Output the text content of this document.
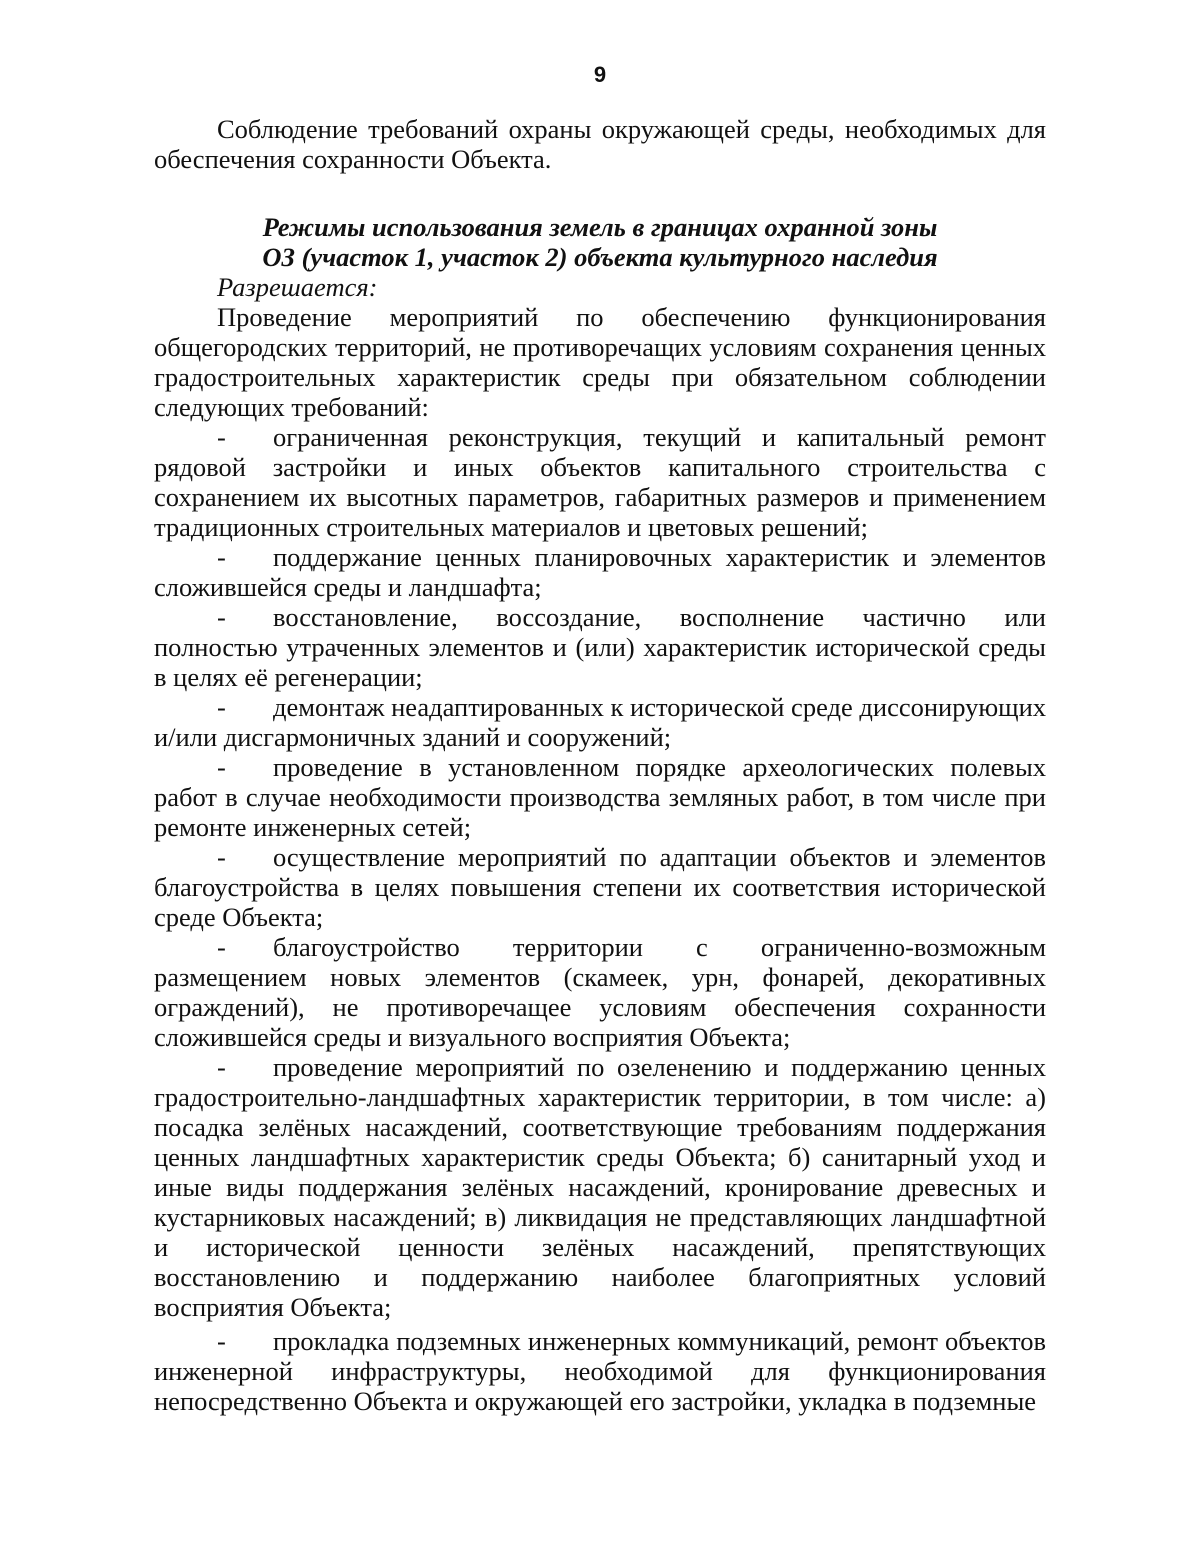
9

Соблюдение требований охраны окружающей среды, необходимых для обеспечения сохранности Объекта.

Режимы использования земель в границах охранной зоны

ОЗ (участок 1, участок 2) объекта культурного наследия

Разрешается:

Проведение мероприятий по обеспечению функционирования общегородских территорий, не противоречащих условиям сохранения ценных градостроительных характеристик среды при обязательном соблюдении следующих требований:

- ограниченная реконструкция, текущий и капитальный ремонт рядовой застройки и иных объектов капитального строительства с сохранением их высотных параметров, габаритных размеров и применением традиционных строительных материалов и цветовых решений;

- поддержание ценных планировочных характеристик и элементов сложившейся среды и ландшафта;

- восстановление, воссоздание, восполнение частично или полностью утраченных элементов и (или) характеристик исторической среды в целях её регенерации;

- демонтаж неадаптированных к исторической среде диссонирующих и/или дисгармоничных зданий и сооружений;

- проведение в установленном порядке археологических полевых работ в случае необходимости производства земляных работ, в том числе при ремонте инженерных сетей;

- осуществление мероприятий по адаптации объектов и элементов благоустройства в целях повышения степени их соответствия исторической среде Объекта;

- благоустройство территории с ограниченно-возможным размещением новых элементов (скамеек, урн, фонарей, декоративных ограждений), не противоречащее условиям обеспечения сохранности сложившейся среды и визуального восприятия Объекта;

- проведение мероприятий по озеленению и поддержанию ценных градостроительно-ландшафтных характеристик территории, в том числе: а) посадка зелёных насаждений, соответствующие требованиям поддержания ценных ландшафтных характеристик среды Объекта; б) санитарный уход и иные виды поддержания зелёных насаждений, кронирование древесных и кустарниковых насаждений; в) ликвидация не представляющих ландшафтной и исторической ценности зелёных насаждений, препятствующих восстановлению и поддержанию наиболее благоприятных условий восприятия Объекта;

- прокладка подземных инженерных коммуникаций, ремонт объектов инженерной инфраструктуры, необходимой для функционирования непосредственно Объекта и окружающей его застройки, укладка в подземные
